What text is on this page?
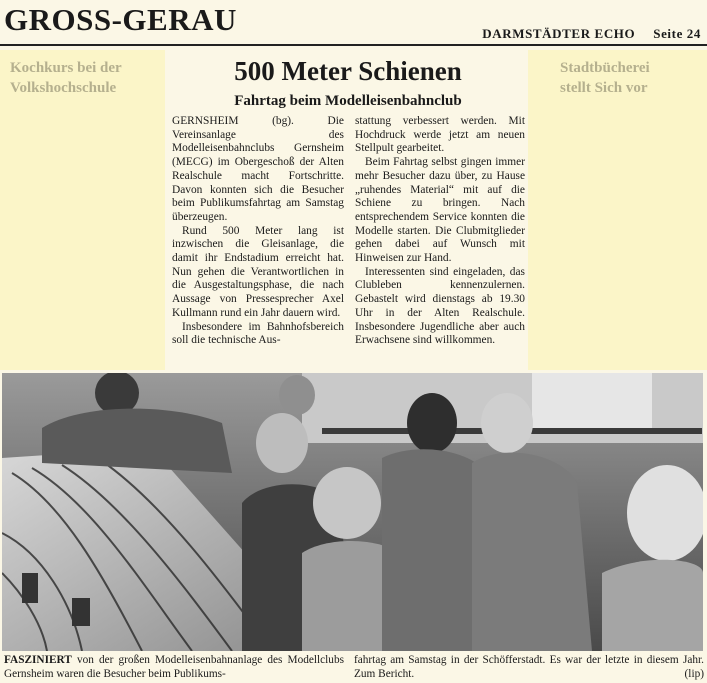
Kochkurs bei der
Volkshochschule
Stadtbücherei
stellt Sich vor
GROSS-GERAU	DARMSTÄDTER ECHO Seite 24
500 Meter Schienen
Fahrtag beim Modelleisenbahnclub

GERNSHEIM (bg). Die Vereinsanlage des Modelleisenbahnclubs Gernsheim (MECG) im Obergeschoß der Alten Realschule macht Fortschritte. Davon konnten sich die Besucher beim Publikumsfahrtag am Samstag überzeugen.

Rund 500 Meter lang ist inzwischen die Gleisanlage, die damit ihr Endstadium erreicht hat. Nun gehen die Verantwortlichen in die Ausgestaltungsphase, die nach Aussage von Pressesprecher Axel Kullmann rund ein Jahr dauern wird.

Insbesondere im Bahnhofsbereich soll die technische Aus-

stattung verbessert werden. Mit Hochdruck werde jetzt am neuen Stellpult gearbeitet.

Beim Fahrtag selbst gingen immer mehr Besucher dazu über, zu Hause „ruhendes Material“ mit auf die Schiene zu bringen. Nach entsprechendem Service konnten die Modelle starten. Die Clubmitglieder gehen dabei auf Wunsch mit Hinweisen zur Hand.

Interessenten sind eingeladen, das Clubleben kennenzulernen. Gebastelt wird dienstags ab 19.30 Uhr in der Alten Realschule. Insbesondere Jugendliche aber auch Erwachsene sind willkommen.

FASZINIERT von der großen Modelleisenbahnanlage des Modellclubs Gernsheim waren die Besucher beim Publikums-
fahrtag am Samstag in der Schöfferstadt. Es war der letzte in diesem Jahr. Zum Bericht.	(lip)
